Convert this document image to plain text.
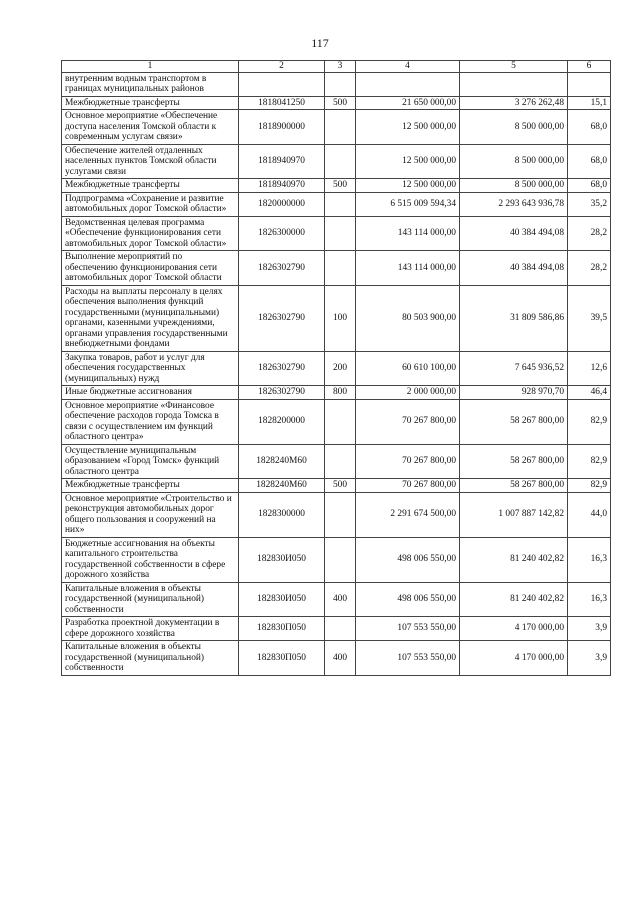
117
1	2	3	4	5	6
внутренним водным транспортом в границах муниципальных районов					
Межбюджетные трансферты	1818041250	500	21 650 000,00	3 276 262,48	15,1
Основное мероприятие «Обеспечение доступа населения Томской области к современным услугам связи»	1818900000		12 500 000,00	8 500 000,00	68,0
Обеспечение жителей отдаленных населенных пунктов Томской области услугами связи	1818940970		12 500 000,00	8 500 000,00	68,0
Межбюджетные трансферты	1818940970	500	12 500 000,00	8 500 000,00	68,0
Подпрограмма «Сохранение и развитие автомобильных дорог Томской области»	1820000000		6 515 009 594,34	2 293 643 936,78	35,2
Ведомственная целевая программа «Обеспечение функционирования сети автомобильных дорог Томской области»	1826300000		143 114 000,00	40 384 494,08	28,2
Выполнение мероприятий по обеспечению функционирования сети автомобильных дорог Томской области	1826302790		143 114 000,00	40 384 494,08	28,2
Расходы на выплаты персоналу в целях обеспечения выполнения функций государственными (муниципальными) органами, казенными учреждениями, органами управления государственными внебюджетными фондами	1826302790	100	80 503 900,00	31 809 586,86	39,5
Закупка товаров, работ и услуг для обеспечения государственных (муниципальных) нужд	1826302790	200	60 610 100,00	7 645 936,52	12,6
Иные бюджетные ассигнования	1826302790	800	2 000 000,00	928 970,70	46,4
Основное мероприятие «Финансовое обеспечение расходов города Томска в связи с осуществлением им функций областного центра»	1828200000		70 267 800,00	58 267 800,00	82,9
Осуществление муниципальным образованием «Город Томск» функций областного центра	1828240М60		70 267 800,00	58 267 800,00	82,9
Межбюджетные трансферты	1828240М60	500	70 267 800,00	58 267 800,00	82,9
Основное мероприятие «Строительство и реконструкция автомобильных дорог общего пользования и сооружений на них»	1828300000		2 291 674 500,00	1 007 887 142,82	44,0
Бюджетные ассигнования на объекты капитального строительства государственной собственности в сфере дорожного хозяйства	182830И050		498 006 550,00	81 240 402,82	16,3
Капитальные вложения в объекты государственной (муниципальной) собственности	182830И050	400	498 006 550,00	81 240 402,82	16,3
Разработка проектной документации в сфере дорожного хозяйства	182830П050		107 553 550,00	4 170 000,00	3,9
Капитальные вложения в объекты государственной (муниципальной) собственности	182830П050	400	107 553 550,00	4 170 000,00	3,9
